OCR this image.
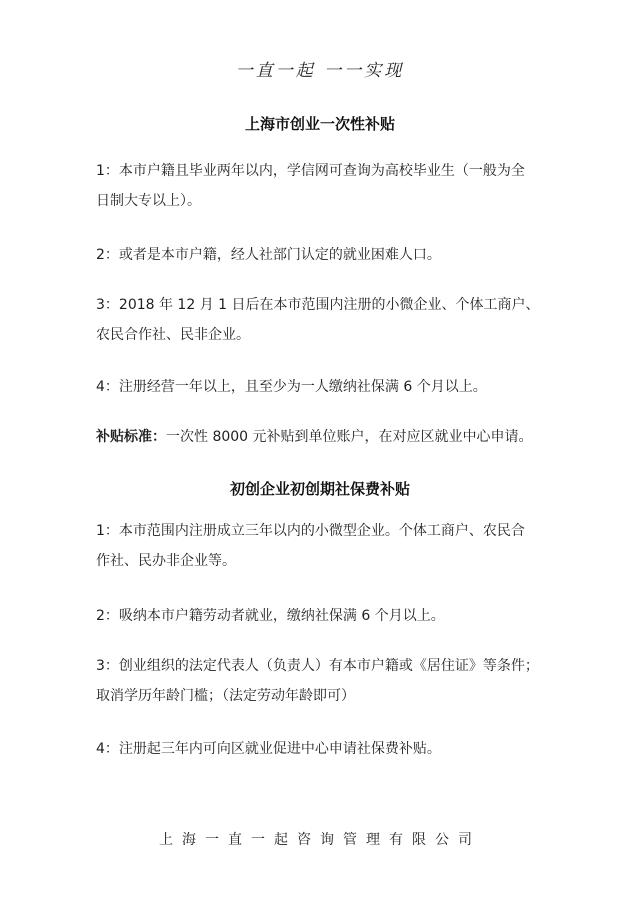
一直一起 一一实现
上海市创业一次性补贴
1：本市户籍且毕业两年以内，学信网可查询为高校毕业生（一般为全
日制大专以上）。
2：或者是本市户籍，经人社部门认定的就业困难人口。
3：2018 年 12 月 1 日后在本市范围内注册的小微企业、个体工商户、
农民合作社、民非企业。
4：注册经营一年以上，且至少为一人缴纳社保满 6 个月以上。
补贴标准：一次性 8000 元补贴到单位账户，在对应区就业中心申请。
初创企业初创期社保费补贴
1：本市范围内注册成立三年以内的小微型企业。个体工商户、农民合
作社、民办非企业等。
2：吸纳本市户籍劳动者就业，缴纳社保满 6 个月以上。
3：创业组织的法定代表人（负责人）有本市户籍或《居住证》等条件；
取消学历年龄门槛；（法定劳动年龄即可）
4：注册起三年内可向区就业促进中心申请社保费补贴。
上海一直一起咨询管理有限公司
